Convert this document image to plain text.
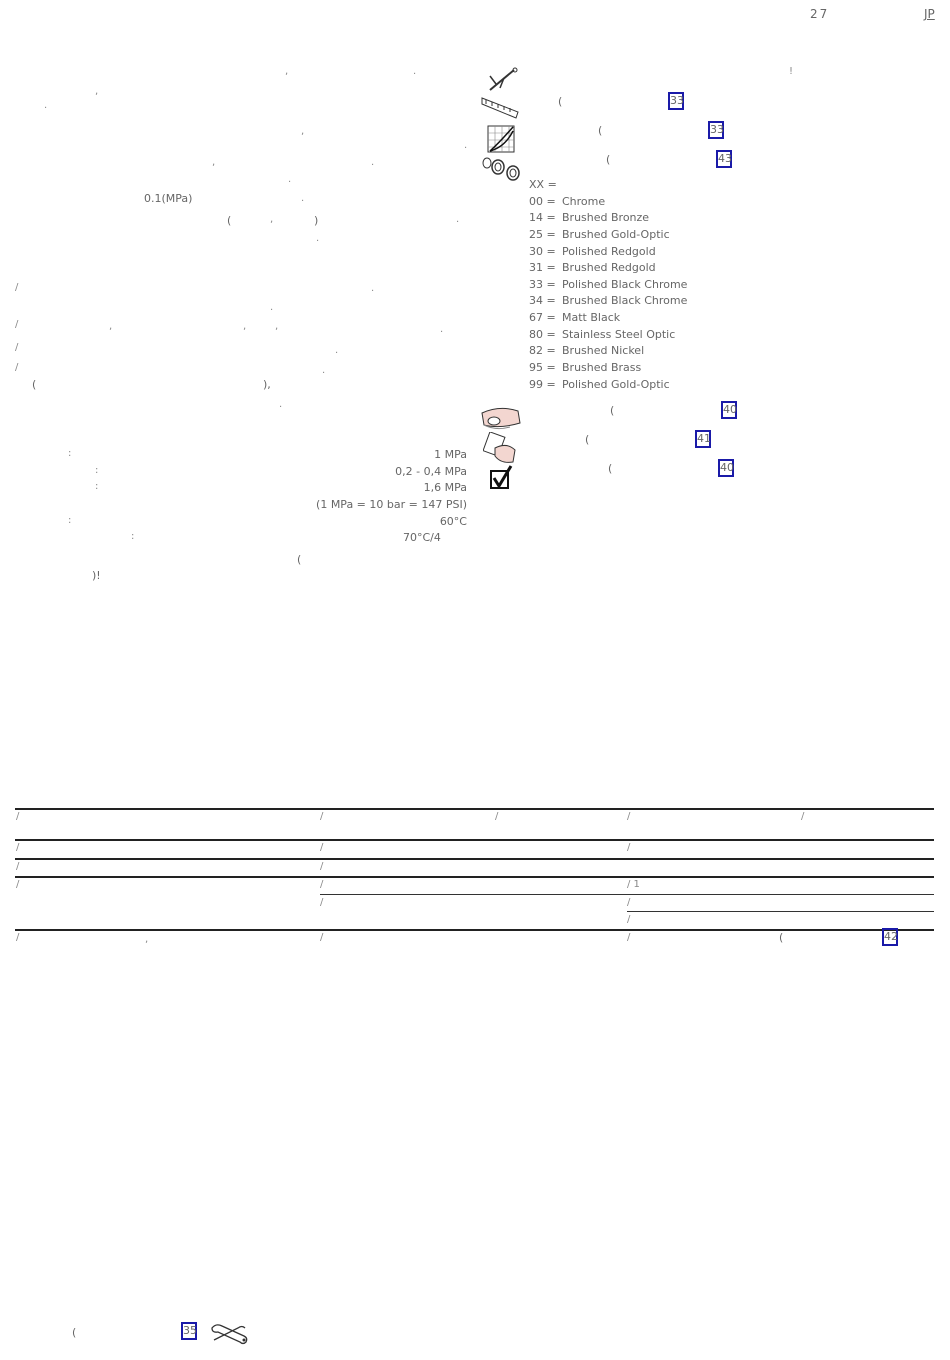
27	JP
,	.
,
.
,
.
,	.
.
0.1(MPa)	.
(	,	)	.
.
/	.
.
/	,	,	,	.
/	.
/	.
(	),
.
:	1 MPa
:	0,2 - 0,4 MPa
:	1,6 MPa
(1 MPa = 10 bar = 147 PSI)
:	60°C
:	70°C/4
(
)!
!
(	33
(	33
(	43
XX =
00 = Chrome
14 = Brushed Bronze
25 = Brushed Gold-Optic
30 = Polished Redgold
31 = Brushed Redgold
33 = Polished Black Chrome
34 = Brushed Black Chrome
67 = Matt Black
80 = Stainless Steel Optic
82 = Brushed Nickel
95 = Brushed Brass
99 = Polished Gold-Optic
(	40
(	41
(	40
/	/	/	/	/
/	/	/
/	/
/	/	/ 1
/	/
/
/	,	/	/	(	42
(	35
